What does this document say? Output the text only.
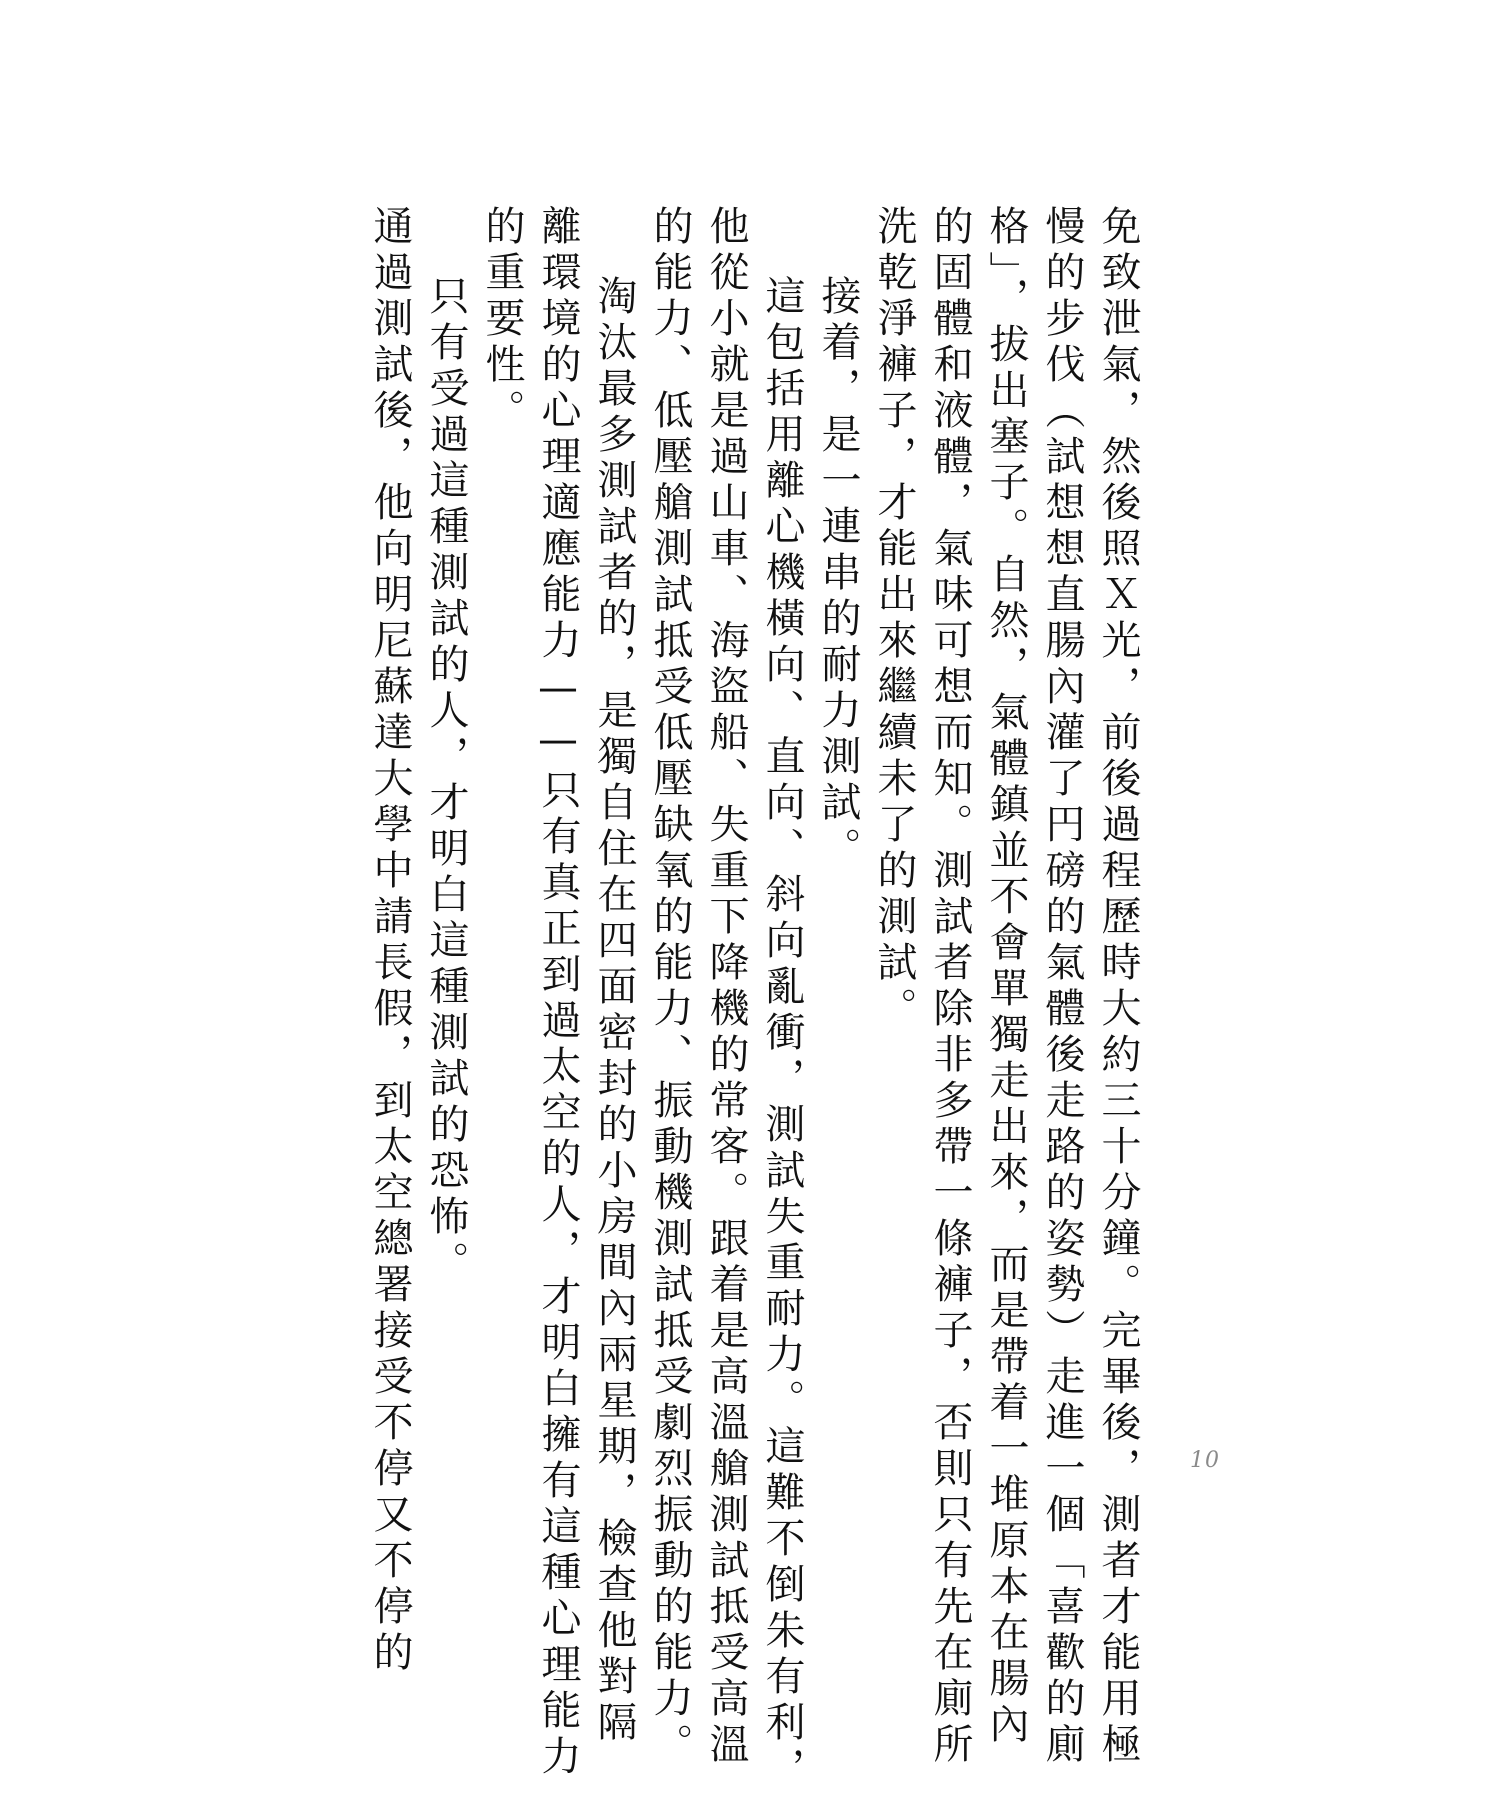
免致泄氣，然後照Ｘ光，前後過程歷時大約三十分鐘。完畢後，測者才能用極
慢的步伐（試想想直腸內灌了円磅的氣體後走路的姿勢）走進一個「喜歡的廁
格」，拔出塞子。自然，氣體鎮並不會單獨走出來，而是帶着一堆原本在腸內
的固體和液體，氣味可想而知。測試者除非多帶一條褲子，否則只有先在廁所
洗乾淨褲子，才能出來繼續未了的測試。
接着，是一連串的耐力測試。
這包括用離心機橫向、直向、斜向亂衝，測試失重耐力。這難不倒朱有利，
他從小就是過山車、海盜船、失重下降機的常客。跟着是高溫艙測試抵受高溫
的能力、低壓艙測試抵受低壓缺氧的能力、振動機測試抵受劇烈振動的能力。
淘汰最多測試者的，是獨自住在四面密封的小房間內兩星期，檢查他對隔
離環境的心理適應能力——只有真正到過太空的人，才明白擁有這種心理能力
的重要性。
只有受過這種測試的人，才明白這種測試的恐怖。
通過測試後，他向明尼蘇達大學中請長假，到太空總署接受不停又不停的	10
